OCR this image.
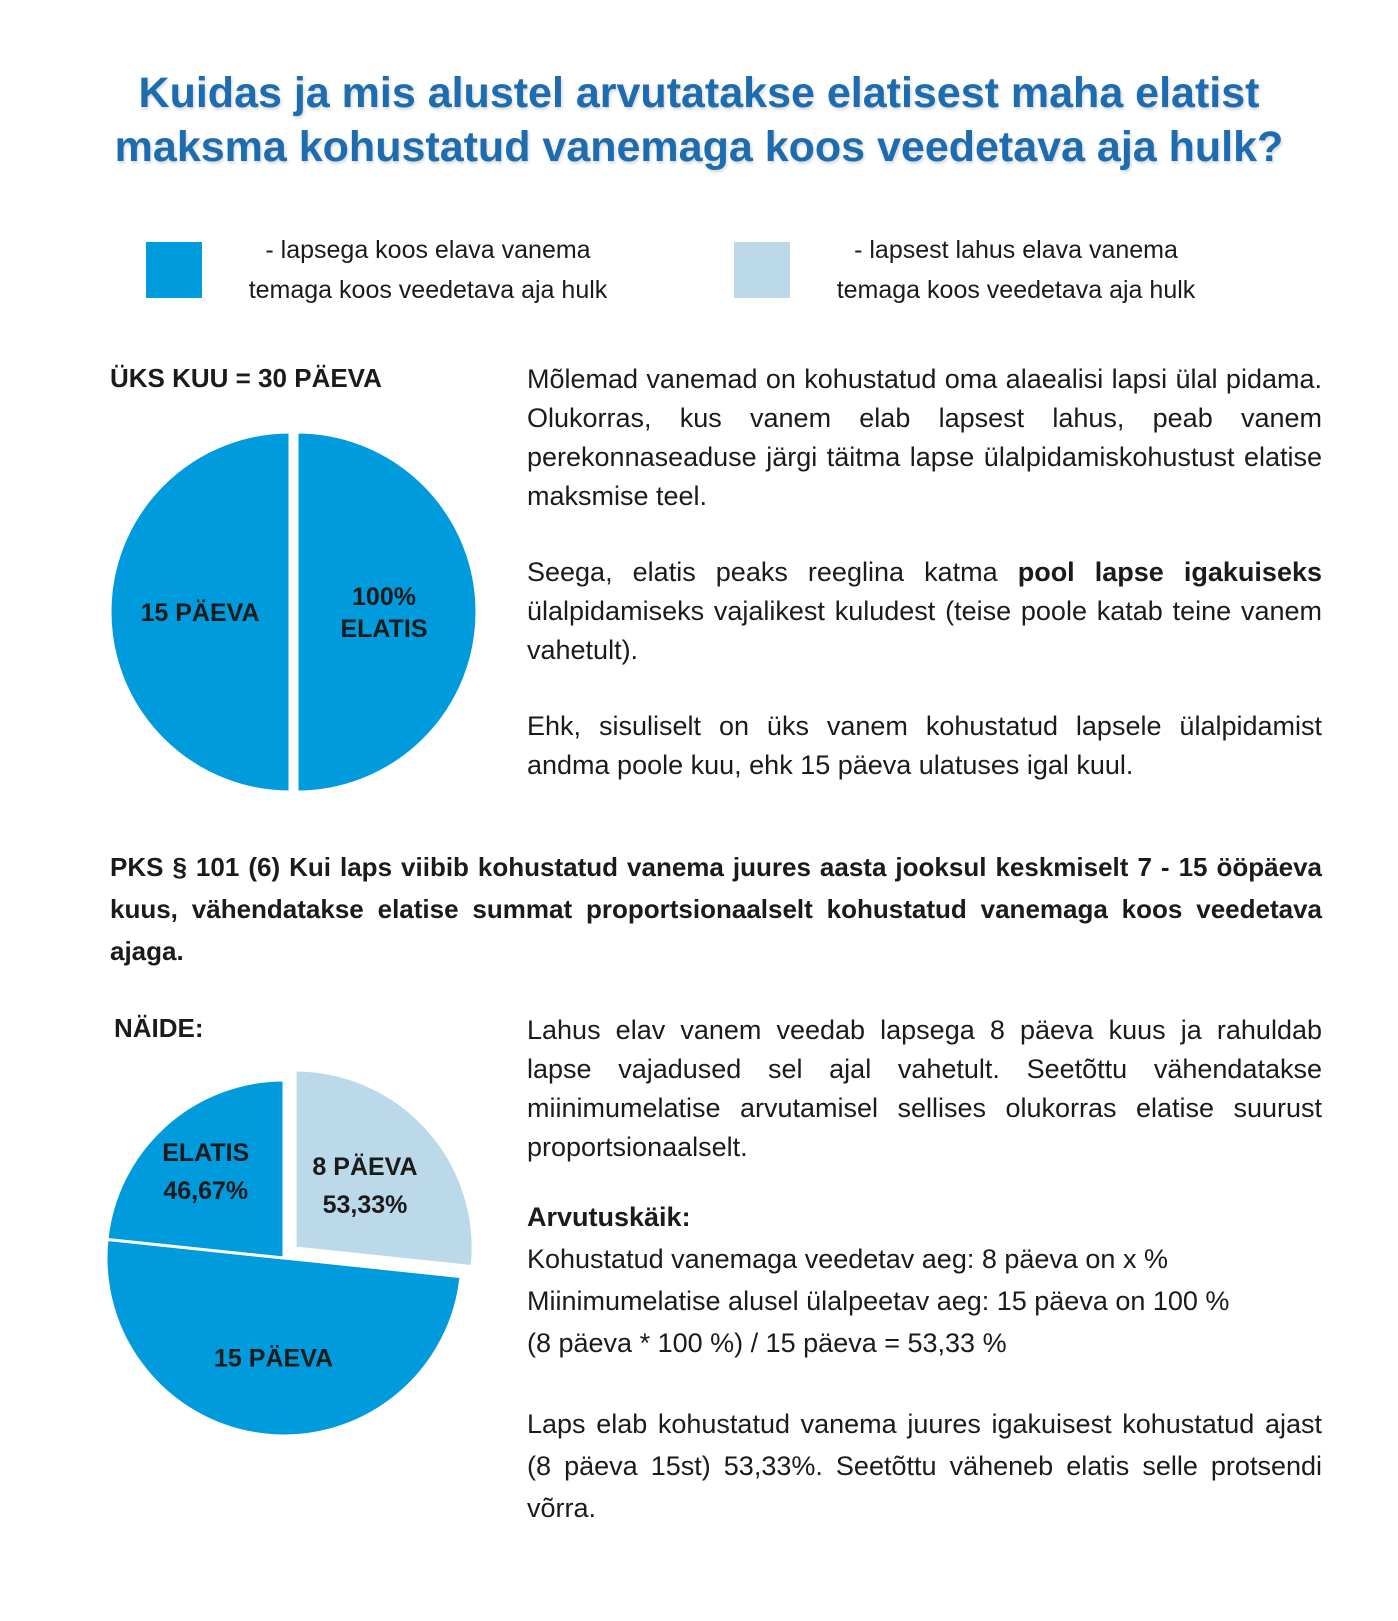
Kuidas ja mis alustel arvutatakse elatisest maha elatist maksma kohustatud vanemaga koos veedetava aja hulk?
- lapsega koos elava vanema
temaga koos veedetava aja hulk
- lapsest lahus elava vanema
temaga koos veedetava aja hulk
ÜKS KUU = 30 PÄEVA
100% ELATIS
15 PÄEVA

Mõlemad vanemad on kohustatud oma alaealisi lapsi ülal pidama. Olukorras, kus vanem elab lapsest lahus, peab vanem perekonnaseaduse järgi täitma lapse ülalpidamiskohustust elatise maksmise teel.

Seega, elatis peaks reeglina katma pool lapse igakuiseks ülalpidamiseks vajalikest kuludest (teise poole katab teine vanem vahetult).

Ehk, sisuliselt on üks vanem kohustatud lapsele ülalpidamist andma poole kuu, ehk 15 päeva ulatuses igal kuul.

PKS § 101 (6) Kui laps viibib kohustatud vanema juures aasta jooksul keskmiselt 7 - 15 ööpäeva kuus, vähendatakse elatise summat proportsionaalselt kohustatud vanemaga koos veedetava ajaga.

NÄIDE:
8 PÄEVA 53,33%
15 PÄEVA
ELATIS 46,67%

Lahus elav vanem veedab lapsega 8 päeva kuus ja rahuldab lapse vajadused sel ajal vahetult. Seetõttu vähendatakse miinimumelatise arvutamisel sellises olukorras elatise suurust proportsionaalselt.

Arvutuskäik:
Kohustatud vanemaga veedetav aeg: 8 päeva on x %
Miinimumelatise alusel ülalpeetav aeg: 15 päeva on 100 %
(8 päeva * 100 %) / 15 päeva = 53,33 %

Laps elab kohustatud vanema juures igakuisest kohustatud ajast (8 päeva 15st) 53,33%. Seetõttu väheneb elatis selle protsendi võrra.
